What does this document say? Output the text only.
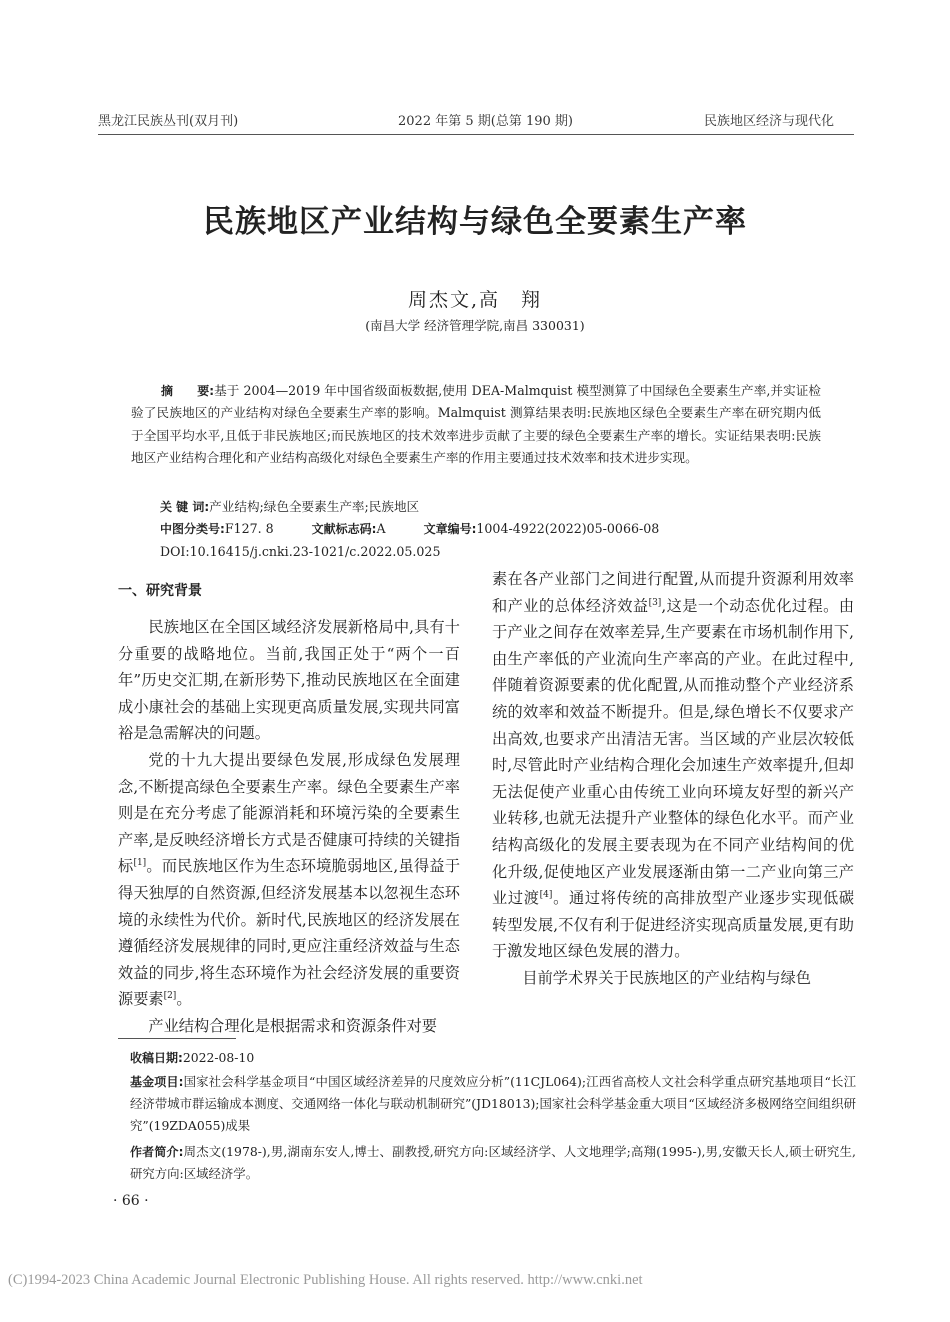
黑龙江民族丛刊(双月刊)	2022 年第 5 期(总第 190 期)	民族地区经济与现代化
民族地区产业结构与绿色全要素生产率
周杰文,高　翔
(南昌大学 经济管理学院,南昌 330031)
摘　　要:基于 2004—2019 年中国省级面板数据,使用 DEA-Malmquist 模型测算了中国绿色全要素生产率,并实证检验了民族地区的产业结构对绿色全要素生产率的影响。Malmquist 测算结果表明:民族地区绿色全要素生产率在研究期内低于全国平均水平,且低于非民族地区;而民族地区的技术效率进步贡献了主要的绿色全要素生产率的增长。实证结果表明:民族地区产业结构合理化和产业结构高级化对绿色全要素生产率的作用主要通过技术效率和技术进步实现。
关 键 词:产业结构;绿色全要素生产率;民族地区
中图分类号:F127. 8	文献标志码:A	文章编号:1004-4922(2022)05-0066-08
DOI:10.16415/j.cnki.23-1021/c.2022.05.025
一、研究背景

民族地区在全国区域经济发展新格局中,具有十分重要的战略地位。当前,我国正处于“两个一百年”历史交汇期,在新形势下,推动民族地区在全面建成小康社会的基础上实现更高质量发展,实现共同富裕是急需解决的问题。

党的十九大提出要绿色发展,形成绿色发展理念,不断提高绿色全要素生产率。绿色全要素生产率则是在充分考虑了能源消耗和环境污染的全要素生产率,是反映经济增长方式是否健康可持续的关键指标[1]。而民族地区作为生态环境脆弱地区,虽得益于得天独厚的自然资源,但经济发展基本以忽视生态环境的永续性为代价。新时代,民族地区的经济发展在遵循经济发展规律的同时,更应注重经济效益与生态效益的同步,将生态环境作为社会经济发展的重要资源要素[2]。

产业结构合理化是根据需求和资源条件对要

素在各产业部门之间进行配置,从而提升资源利用效率和产业的总体经济效益[3],这是一个动态优化过程。由于产业之间存在效率差异,生产要素在市场机制作用下,由生产率低的产业流向生产率高的产业。在此过程中,伴随着资源要素的优化配置,从而推动整个产业经济系统的效率和效益不断提升。但是,绿色增长不仅要求产出高效,也要求产出清洁无害。当区域的产业层次较低时,尽管此时产业结构合理化会加速生产效率提升,但却无法促使产业重心由传统工业向环境友好型的新兴产业转移,也就无法提升产业整体的绿色化水平。而产业结构高级化的发展主要表现为在不同产业结构间的优化升级,促使地区产业发展逐渐由第一二产业向第三产业过渡[4]。通过将传统的高排放型产业逐步实现低碳转型发展,不仅有利于促进经济实现高质量发展,更有助于激发地区绿色发展的潜力。

目前学术界关于民族地区的产业结构与绿色

收稿日期:2022-08-10
基金项目:国家社会科学基金项目“中国区域经济差异的尺度效应分析”(11CJL064);江西省高校人文社会科学重点研究基地项目“长江经济带城市群运输成本测度、交通网络一体化与联动机制研究”(JD18013);国家社会科学基金重大项目“区域经济多极网络空间组织研究”(19ZDA055)成果
作者简介:周杰文(1978-),男,湖南东安人,博士、副教授,研究方向:区域经济学、人文地理学;高翔(1995-),男,安徽天长人,硕士研究生,研究方向:区域经济学。
· 66 ·
(C)1994-2023 China Academic Journal Electronic Publishing House. All rights reserved. http://www.cnki.net
